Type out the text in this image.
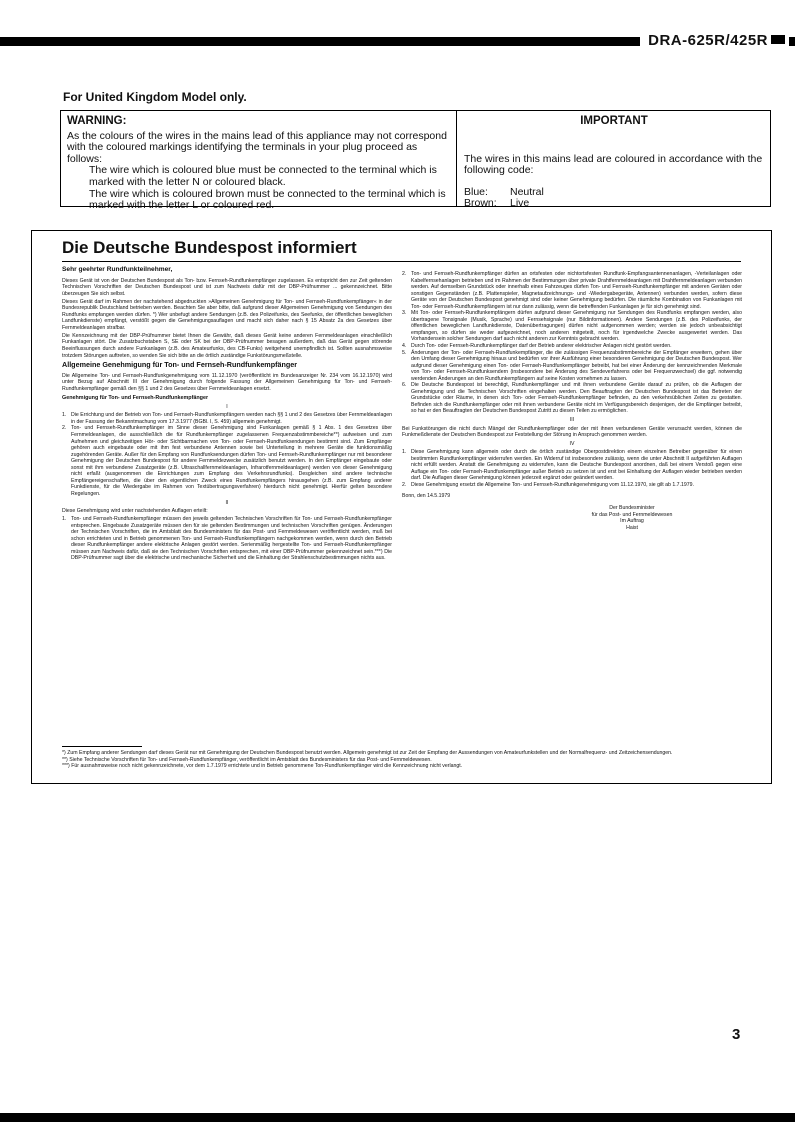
DRA-625R/425R
For United Kingdom Model only.
WARNING:

As the colours of the wires in the mains lead of this appliance may not correspond with the coloured markings identifying the terminals in your plug proceed as follows:

The wire which is coloured blue must be connected to the terminal which is marked with the letter N or coloured black.

The wire which is coloured brown must be connected to the terminal which is marked with the letter L or coloured red.

IMPORTANT

The wires in this mains lead are coloured in accordance with the following code:

Blue:	Neutral
Brown:	Live
Die Deutsche Bundespost informiert

Sehr geehrter Rundfunkteilnehmer,

Dieses Gerät ist von der Deutschen Bundespost als Ton- bzw. Fernseh-Rundfunkempfänger zugelassen. Es entspricht den zur Zeit geltenden Technischen Vorschriften der Deutschen Bundespost und ist zum Nachweis dafür mit der DBP-Prüfnummer ... gekennzeichnet. Bitte überzeugen Sie sich selbst.

Dieses Gerät darf im Rahmen der nachstehend abgedruckten »Allgemeinen Genehmigung für Ton- und Fernseh-Rundfunkempfänger« in der Bundesrepublik Deutschland betrieben werden. Beachten Sie aber bitte, daß aufgrund dieser Allgemeinen Genehmigung von Sendungen des Rundfunks empfangen werden dürfen. *) Wer unbefugt andere Sendungen (z.B. des Polizeifunks, des Seefunks, der öffentlichen beweglichen Landfunkdienste) empfängt, verstößt gegen die Genehmigungsauflagen und macht sich daher nach § 15 Absatz 2a des Gesetzes über Fernmeldeanlagen strafbar.

Die Kennzeichnung mit der DBP-Prüfnummer bietet Ihnen die Gewähr, daß dieses Gerät keine anderen Fernmeldeanlagen einschließlich Funkanlagen stört. Die Zusatzbuchstaben S, SE oder SK bei der DBP-Prüfnummer besagen außerdem, daß das Gerät gegen störende Beeinflussungen durch andere Funkanlagen (z.B. des Amateurfunks, des CB-Funks) weitgehend unempfindlich ist. Sollten ausnahmsweise trotzdem Störungen auftreten, so wenden Sie sich bitte an die örtlich zuständige Funkstörungsmeßstelle.

Allgemeine Genehmigung für Ton- und Fernseh-Rundfunkempfänger

Die Allgemeine Ton- und Fernseh-Rundfunkgenehmigung vom 11.12.1970 (veröffentlicht im Bundesanzeiger Nr. 234 vom 16.12.1970) wird unter Bezug auf Abschnitt III der Genehmigung durch folgende Fassung der Allgemeinen Genehmigung für Ton- und Fernseh-Rundfunkempfänger gemäß den §§ 1 und 2 des Gesetzes über Fernmeldeanlagen ersetzt.

Genehmigung für Ton- und Fernseh-Rundfunkempfänger

I

1. Die Errichtung und der Betrieb von Ton- und Fernseh-Rundfunkempfängern werden nach §§ 1 und 2 des Gesetzes über Fernmeldeanlagen in der Fassung der Bekanntmachung vom 17.3.1977 (BGBl. I, S. 459) allgemein genehmigt.
2. Ton- und Fernseh-Rundfunkempfänger im Sinne dieser Genehmigung sind Funkanlagen gemäß § 1 Abs. 1 des Gesetzes über Fernmeldeanlagen, die ausschließlich die für Rundfunkempfänger zugelassenen Frequenzabstimmbereiche**) aufweisen und zum Aufnehmen und gleichzeitigen Hör- oder Sichtbarmachen von Ton- oder Fernseh-Rundfunksendungen bestimmt sind. Zum Empfänger gehören auch eingebaute oder mit ihm fest verbundene Antennen sowie bei Unterteilung in mehrere Geräte die funktionsmäßig zugehörenden Geräte. Außer für den Empfang von Rundfunksendungen dürfen Ton- und Fernseh-Rundfunkempfänger nur mit besonderer Genehmigung der Deutschen Bundespost für andere Fernmeldezwecke zusätzlich benutzt werden. In den Empfänger eingebaute oder sonst mit ihm verbundene Zusatzgeräte (z.B. Ultraschallfernmeldeanlagen, Infrarotfernmeldeanlagen) werden von dieser Genehmigung nicht erfaßt (ausgenommen die Einrichtungen zum Empfang des Verkehrsrundfunks). Desgleichen sind andere technische Empfängereigenschaften, die über den eigentlichen Zweck eines Rundfunkempfängers hinausgehen (z.B. zum Empfang anderer Funkdienste, für die Wiedergabe im Rahmen von Textübertragungsverfahren) hierdurch nicht genehmigt. Hierfür gelten besondere Regelungen.

II

Diese Genehmigung wird unter nachstehenden Auflagen erteilt:

1. Ton- und Fernseh-Rundfunkempfänger müssen den jeweils geltenden Technischen Vorschriften für Ton- und Fernseh-Rundfunkempfänger entsprechen. Eingebaute Zusatzgeräte müssen den für sie geltenden Bestimmungen und technischen Vorschriften genügen. Änderungen der Technischen Vorschriften, die im Amtsblatt des Bundesministers für das Post- und Fernmeldewesen veröffentlicht werden, muß bei schon errichteten und in Betrieb genommenen Ton- und Fernseh-Rundfunkempfängern nachgekommen werden, wenn durch den Betrieb dieser Rundfunkempfänger andere elektrische Anlagen gestört werden. Serienmäßig hergestellte Ton- und Fernseh-Rundfunkempfänger müssen zum Nachweis dafür, daß sie den Technischen Vorschriften entsprechen, mit einer DBP-Prüfnummer gekennzeichnet sein.***) Die DBP-Prüfnummer sagt über die elektrische und mechanische Sicherheit und die Einhaltung der Strahlenschutzbestimmungen nichts aus.
2. Ton- und Fernseh-Rundfunkempfänger dürfen an ortsfesten oder nichtortsfesten Rundfunk-Empfangsantennenanlagen, -Verteilanlagen oder Kabelfernsehanlagen betrieben und im Rahmen der Bestimmungen über private Drahtfernmeldeanlagen mit Drahtfernmeldeanlagen verbunden werden. Auf demselben Grundstück oder innerhalb eines Fahrzeuges dürfen Ton- und Fernseh-Rundfunkempfänger mit anderen Geräten oder sonstigen Gegenständen (z.B. Plattenspieler, Magnetaufzeichnungs- und -Wiedergabegeräte, Antennen) verbunden werden, sofern diese Geräte von der Deutschen Bundespost genehmigt sind oder keiner Genehmigung bedürfen. Die räumliche Kombination von Funkanlagen mit Ton- oder Fernseh-Rundfunkempfängern ist nur dann zulässig, wenn die betreffenden Funkanlagen je für sich genehmigt sind.
3. Mit Ton- oder Fernseh-Rundfunkempfängern dürfen aufgrund dieser Genehmigung nur Sendungen des Rundfunks empfangen werden, also übertragene Tonsignale (Musik, Sprache) und Fernsehsignale (nur Bildinformationen). Andere Sendungen (z.B. des Polizeifunks, der öffentlichen beweglichen Landfunkdienste, Datenübertragungen) dürfen nicht aufgenommen werden; werden sie jedoch unbeabsichtigt empfangen, so dürfen sie weder aufgezeichnet, noch anderen mitgeteilt, noch für irgendwelche Zwecke ausgewertet werden. Das Vorhandensein solcher Sendungen darf auch nicht anderen zur Kenntnis gebracht werden.
4. Durch Ton- oder Fernseh-Rundfunkempfänger darf der Betrieb anderer elektrischer Anlagen nicht gestört werden.
5. Änderungen der Ton- oder Fernseh-Rundfunkempfänger, die die zulässigen Frequenzabstimmbereiche der Empfänger erweitern, gehen über den Umfang dieser Genehmigung hinaus und bedürfen vor ihrer Ausführung einer besonderen Genehmigung der Deutschen Bundespost. Wer aufgrund dieser Genehmigung einen Ton- oder Fernseh-Rundfunkempfänger betreibt, hat bei einer Änderung der kennzeichnenden Merkmale von Ton- oder Fernseh-Rundfunksendern (insbesondere bei Änderung des Sendeverfahrens oder bei Frequenzwechsel) die ggf. notwendig werdenden Änderungen an den Rundfunkempfängern auf seine Kosten vornehmen zu lassen.
6. Die Deutsche Bundespost ist berechtigt, Rundfunkempfänger und mit ihnen verbundene Geräte darauf zu prüfen, ob die Auflagen der Genehmigung und die Technischen Vorschriften eingehalten werden. Den Beauftragten der Deutschen Bundespost ist das Betreten der Grundstücke oder Räume, in denen sich Ton- oder Fernseh-Rundfunkempfänger befinden, zu den verkehrsüblichen Zeiten zu gestatten. Befinden sich die Rundfunkempfänger oder mit ihnen verbundene Geräte nicht im Verfügungsbereich desjenigen, der die Empfänger betreibt, so hat er den Beauftragten der Deutschen Bundespost Zutritt zu diesen Teilen zu ermöglichen.

III

Bei Funkstörungen die nicht durch Mängel der Rundfunkempfänger oder der mit ihnen verbundenen Geräte verursacht werden, können die Funkmeßdienste der Deutschen Bundespost zur Feststellung der Störung in Anspruch genommen werden.

IV

1. Diese Genehmigung kann allgemein oder durch die örtlich zuständige Oberpostdirektion einem einzelnen Betreiber gegenüber für einen bestimmten Rundfunkempfänger widerrufen werden. Ein Widerruf ist insbesondere zulässig, wenn die unter Abschnitt II aufgeführten Auflagen nicht erfüllt werden. Anstatt die Genehmigung zu widerrufen, kann die Deutsche Bundespost anordnen, daß bei einem Verstoß gegen eine Auflage ein Ton- oder Fernseh-Rundfunkempfänger außer Betrieb zu setzen ist und erst bei Einhaltung der Auflagen wieder betrieben werden darf. Die Auflagen dieser Genehmigung können jederzeit ergänzt oder geändert werden.
2. Diese Genehmigung ersetzt die Allgemeine Ton- und Fernseh-Rundfunkgenehmigung vom 11.12.1970, sie gilt ab 1.7.1979.

Bonn, den 14.5.1979

Der Bundesminister
für das Post- und Fernmeldewesen
Im Auftrag
Haist

*) Zum Empfang anderer Sendungen darf dieses Gerät nur mit Genehmigung der Deutschen Bundespost benutzt werden. Allgemein genehmigt ist zur Zeit der Empfang der Aussendungen von Amateurfunkstellen und der Normalfrequenz- und Zeitzeichensendungen.

**) Siehe Technische Vorschriften für Ton- und Fernseh-Rundfunkempfänger, veröffentlicht im Amtsblatt des Bundesministers für das Post- und Fernmeldewesen.

***) Für ausnahmsweise noch nicht gekennzeichnete, vor dem 1.7.1979 errichtete und in Betrieb genommene Ton-Rundfunkempfänger wird die Kennzeichnung nicht verlangt.

3
